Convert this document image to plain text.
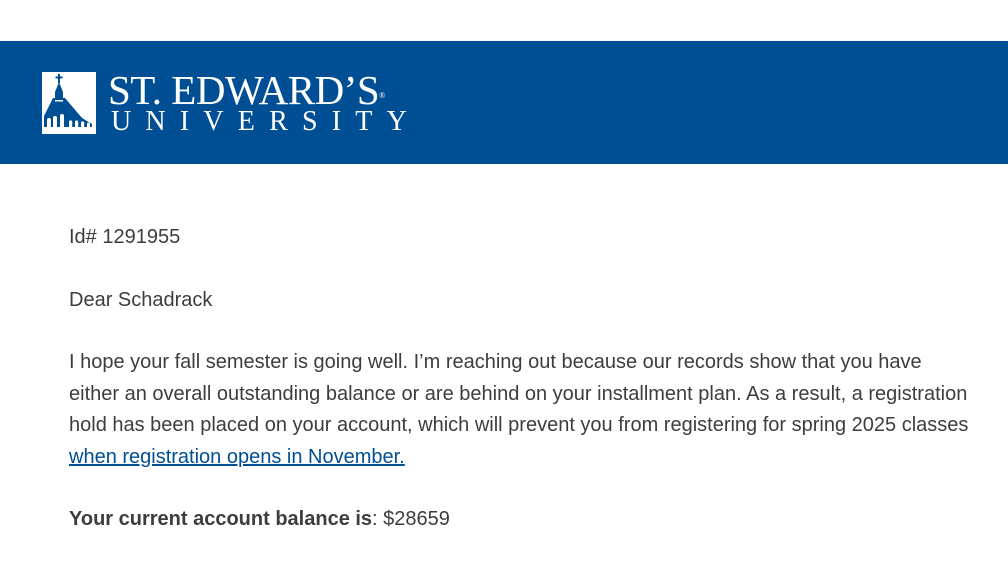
ST. EDWARD’S®
UNIVERSITY

Id# 1291955

Dear Schadrack

I hope your fall semester is going well. I’m reaching out because our records show that you have either an overall outstanding balance or are behind on your installment plan. As a result, a registration hold has been placed on your account, which will prevent you from registering for spring 2025 classes when registration opens in November.

Your current account balance is: $28659
